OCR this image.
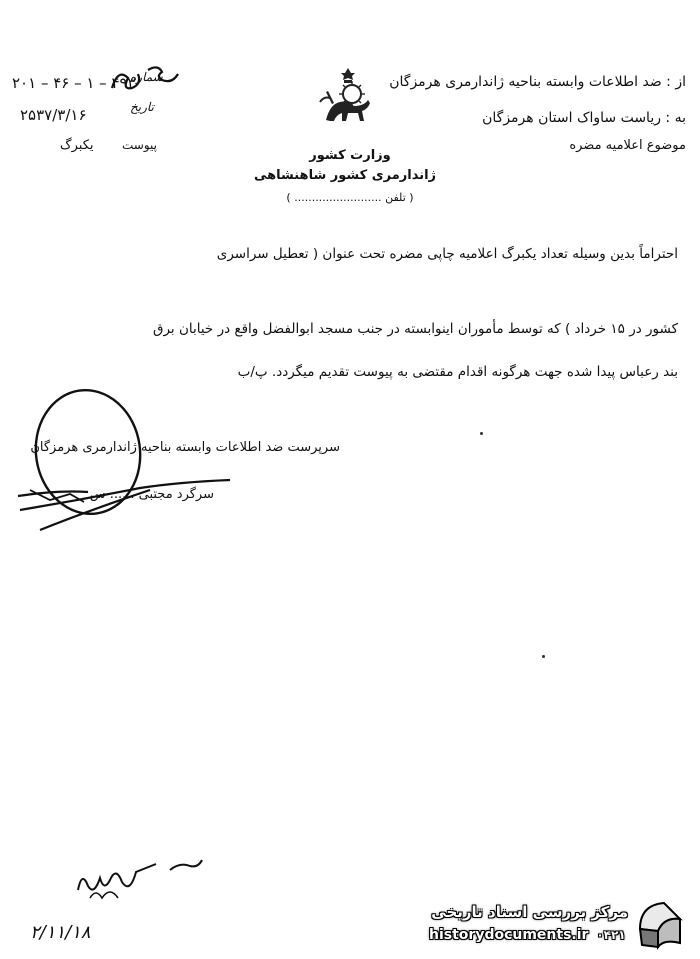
از : ضد اطلاعات وابسته بناحیه ژاندارمری هرمزگان
به : ریاست ساواک استان هرمزگان
موضوع اعلامیه مضره
۲۰۱ – ۴۶ – ۱ – ۴۹۳
شماره
۲۵۳۷/۳/۱۶	تاریخ
یکبرگ پیوست
وزارت کشور
ژاندارمری کشور شاهنشاهی
( تلفن ......................... )
احتراماً بدین وسیله تعداد یکبرگ اعلامیه چاپی مضره تحت عنوان ( تعطیل سراسری
کشور در ۱۵ خرداد ) که توسط مأموران اینوابسته در جنب مسجد ابوالفضل واقع در خیابان برق
بند رعباس پیدا شده جهت هرگونه اقدام مقتضی به پیوست تقدیم میگردد. پ/ب
سرپرست ضد اطلاعات وابسته بناحیه ژاندارمری هرمزگان
سرگرد مجتبی ...... س
۲/۱۱/۱۸
مرکز بررسی اسناد تاریخی
historydocuments.ir ۰۴۲۱
